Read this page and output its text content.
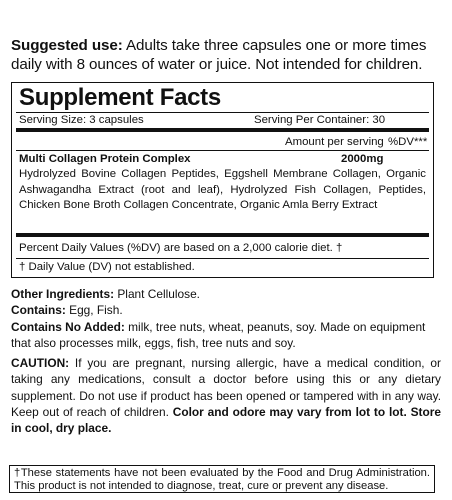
Suggested use: Adults take three capsules one or more times daily with 8 ounces of water or juice. Not intended for children.
Supplement Facts
Serving Size: 3 capsules	Serving Per Container: 30
Amount per serving %DV***
Multi Collagen Protein Complex	2000mg
Hydrolyzed Bovine Collagen Peptides, Eggshell Membrane Collagen, Organic Ashwagandha Extract (root and leaf), Hydrolyzed Fish Collagen, Peptides, Chicken Bone Broth Collagen Concentrate, Organic Amla Berry Extract
Percent Daily Values (%DV) are based on a 2,000 calorie diet. †
† Daily Value (DV) not established.

Other Ingredients: Plant Cellulose.

Contains: Egg, Fish.

Contains No Added: milk, tree nuts, wheat, peanuts, soy. Made on equipment that also processes milk, eggs, fish, tree nuts and soy.

CAUTION: If you are pregnant, nursing allergic, have a medical condition, or taking any medications, consult a doctor before using this or any dietary supplement. Do not use if product has been opened or tampered with in any way. Keep out of reach of children. Color and odore may vary from lot to lot. Store in cool, dry place.

†These statements have not been evaluated by the Food and Drug Administration. This product is not intended to diagnose, treat, cure or prevent any disease.
